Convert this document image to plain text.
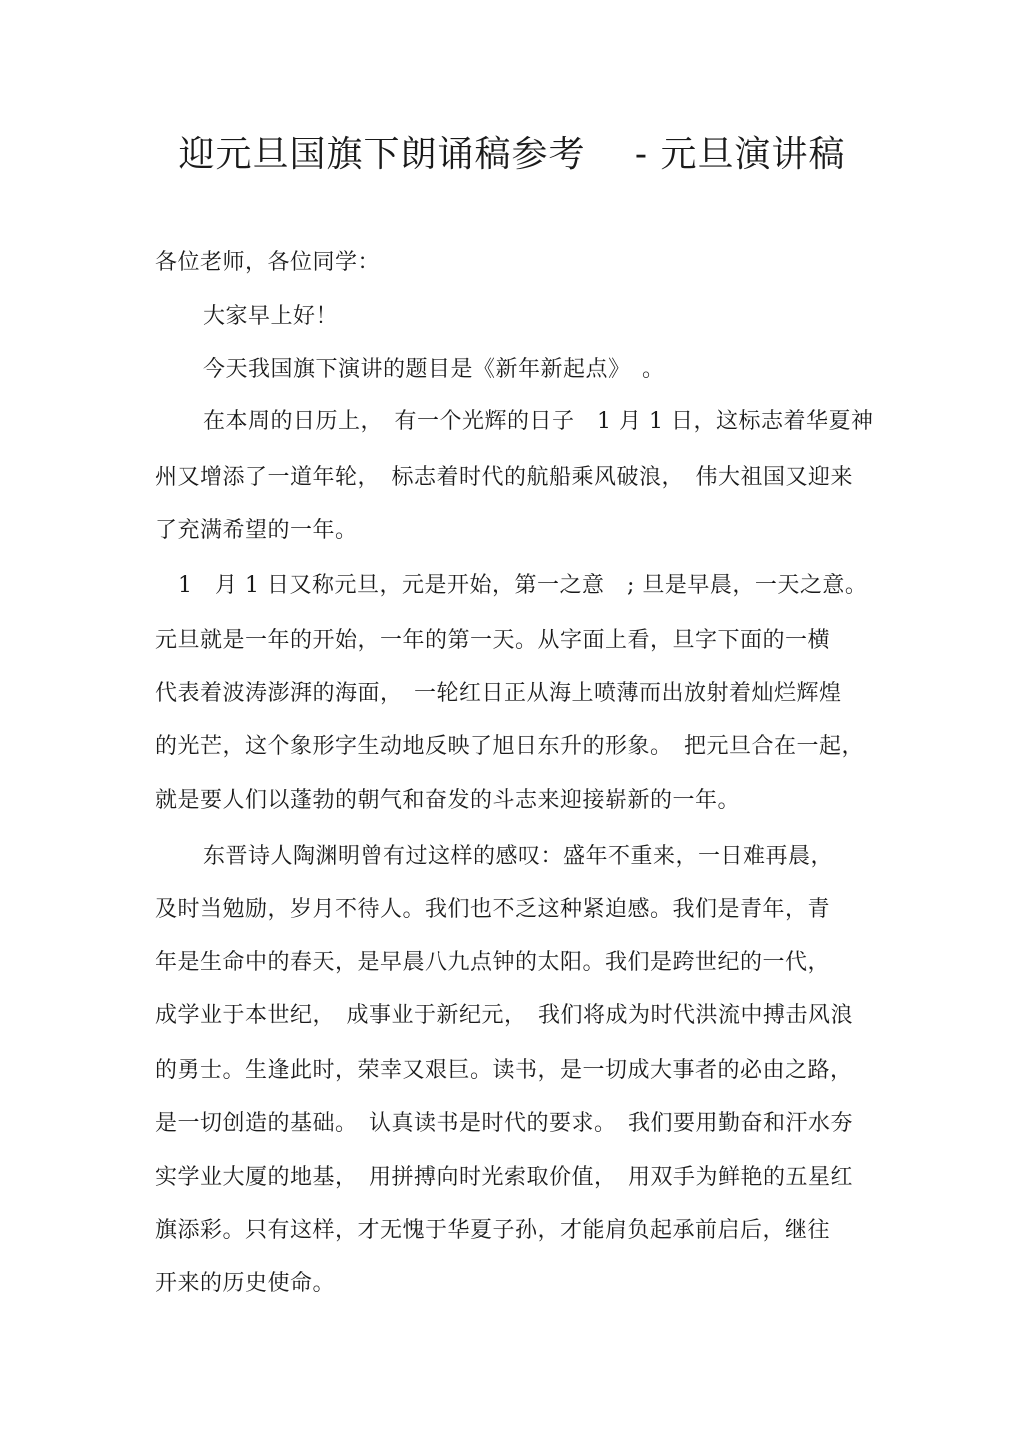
迎元旦国旗下朗诵稿参考　 - 元旦演讲稿
各位老师，各位同学：
大家早上好！
今天我国旗下演讲的题目是《新年新起点》　。
在本周的日历上，　有一个光辉的日子　1 月 1 日，这标志着华夏神
州又增添了一道年轮，　标志着时代的航船乘风破浪，　伟大祖国又迎来
了充满希望的一年。
1　月 1 日又称元旦，元是开始，第一之意　; 旦是早晨，一天之意。
元旦就是一年的开始，一年的第一天。从字面上看，旦字下面的一横
代表着波涛澎湃的海面，　一轮红日正从海上喷薄而出放射着灿烂辉煌
的光芒，这个象形字生动地反映了旭日东升的形象。　把元旦合在一起，
就是要人们以蓬勃的朝气和奋发的斗志来迎接崭新的一年。
东晋诗人陶渊明曾有过这样的感叹：盛年不重来，一日难再晨，
及时当勉励，岁月不待人。我们也不乏这种紧迫感。我们是青年，青
年是生命中的春天，是早晨八九点钟的太阳。我们是跨世纪的一代，
成学业于本世纪，　成事业于新纪元，　我们将成为时代洪流中搏击风浪
的勇士。生逢此时，荣幸又艰巨。读书，是一切成大事者的必由之路，
是一切创造的基础。　认真读书是时代的要求。　我们要用勤奋和汗水夯
实学业大厦的地基，　用拼搏向时光索取价值，　用双手为鲜艳的五星红
旗添彩。只有这样，才无愧于华夏子孙，才能肩负起承前启后，继往
开来的历史使命。
